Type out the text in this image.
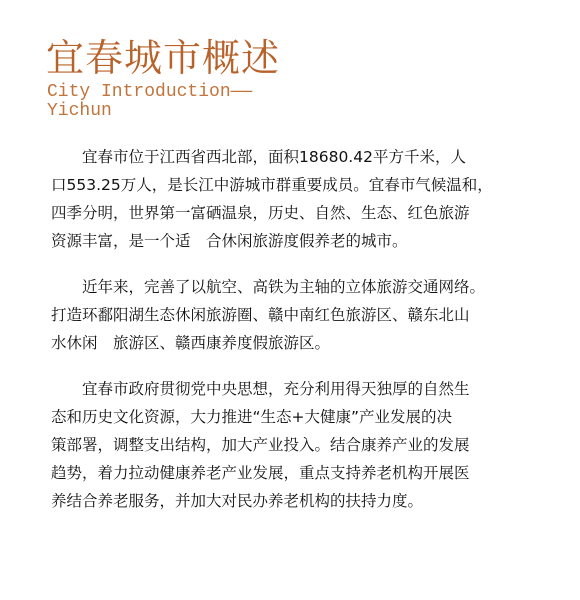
宜春城市概述
City Introduction——
Yichun

　　宜春市位于江西省西北部，面积18680.42平方千米，人
口553.25万人，是长江中游城市群重要成员。宜春市气候温和，
四季分明，世界第一富硒温泉，历史、自然、生态、红色旅游
资源丰富，是一个适　合休闲旅游度假养老的城市。

　　近年来，完善了以航空、高铁为主轴的立体旅游交通网络。
打造环鄱阳湖生态休闲旅游圈、赣中南红色旅游区、赣东北山
水休闲　旅游区、赣西康养度假旅游区。

　　宜春市政府贯彻党中央思想，充分利用得天独厚的自然生
态和历史文化资源，大力推进“生态+大健康”产业发展的决
策部署，调整支出结构，加大产业投入。结合康养产业的发展
趋势，着力拉动健康养老产业发展，重点支持养老机构开展医
养结合养老服务，并加大对民办养老机构的扶持力度。
